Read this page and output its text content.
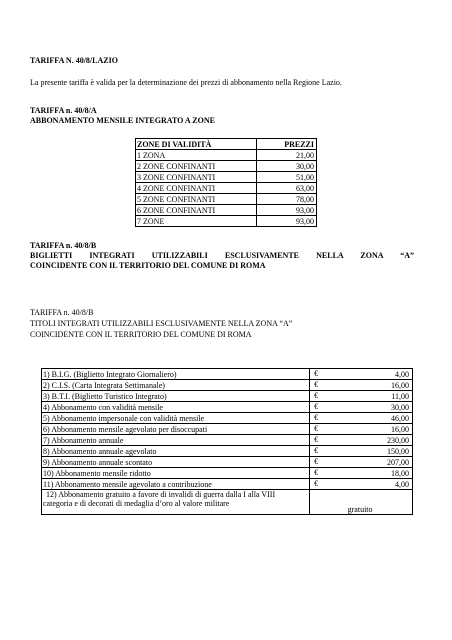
TARIFFA N. 40/8/LAZIO
La presente tariffa è valida per la determinazione dei prezzi di abbonamento nella Regione Lazio.
TARIFFA n. 40/8/A
ABBONAMENTO MENSILE INTEGRATO A ZONE
ZONE DI VALIDITÀ	PREZZI
1 ZONA	21,00
2 ZONE CONFINANTI	30,00
3 ZONE CONFINANTI	51,00
4 ZONE CONFINANTI	63,00
5 ZONE CONFINANTI	78,00
6 ZONE CONFINANTI	93,00
7 ZONE	93,00
TARIFFA n. 40/8/B
BIGLIETTI INTEGRATI UTILIZZABILI ESCLUSIVAMENTE NELLA ZONA “A”
COINCIDENTE CON IL TERRITORIO DEL COMUNE DI ROMA
TARIFFA n. 40/8/B
TITOLI INTEGRATI UTILIZZABILI ESCLUSIVAMENTE NELLA ZONA “A”
COINCIDENTE CON IL TERRITORIO DEL COMUNE DI ROMA
1) B.I.G. (Biglietto Integrato Giornaliero)	€ 4,00
2) C.I.S. (Carta Integrata Settimanale)	€ 16,00
3) B.T.I. (Biglietto Turistico Integrato)	€ 11,00
4) Abbonamento con validità mensile	€ 30,00
5) Abbonamento impersonale con validità mensile	€ 46,00
6) Abbonamento mensile agevolato per disoccupati	€ 16,00
7) Abbonamento annuale	€ 230,00
8) Abbonamento annuale agevolato	€ 150,00
9) Abbonamento annuale scontato	€ 207,00
10) Abbonamento mensile ridotto	€ 18,00
11) Abbonamento mensile agevolato a contribuzione	€ 4,00

12) Abbonamento gratuito a favore di invalidi di guerra dalla I alla VIII
categoria e di decorati di medaglia d’oro al valore militare	gratuito
